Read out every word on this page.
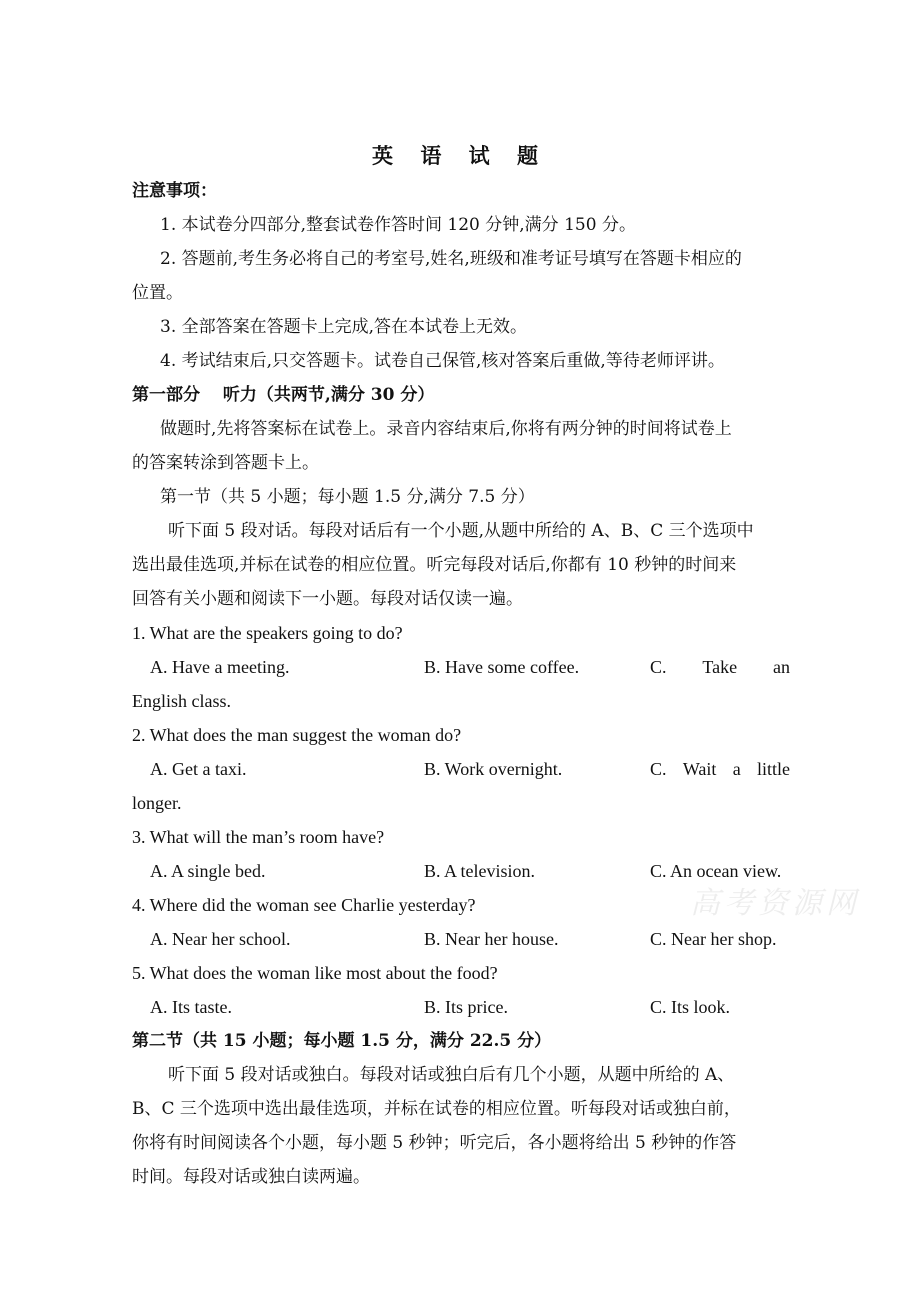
英 语 试 题
注意事项：
1. 本试卷分四部分,整套试卷作答时间 120 分钟,满分 150 分。
2. 答题前,考生务必将自己的考室号,姓名,班级和准考证号填写在答题卡相应的
位置。
3. 全部答案在答题卡上完成,答在本试卷上无效。
4. 考试结束后,只交答题卡。试卷自己保管,核对答案后重做,等待老师评讲。
第一部分　 听力（共两节,满分 30 分）
做题时,先将答案标在试卷上。录音内容结束后,你将有两分钟的时间将试卷上
的答案转涂到答题卡上。
第一节（共 5 小题；每小题 1.5 分,满分 7.5 分）
听下面 5 段对话。每段对话后有一个小题,从题中所给的 A、B、C 三个选项中
选出最佳选项,并标在试卷的相应位置。听完每段对话后,你都有 10 秒钟的时间来
回答有关小题和阅读下一小题。每段对话仅读一遍。
1. What are the speakers going to do?
A. Have a meeting.	B. Have some coffee.	C. Take an
English class.
2. What does the man suggest the woman do?
A. Get a taxi.	B. Work overnight.	C. Wait a little
longer.
3. What will the man’s room have?
A. A single bed.	B. A television.	C. An ocean view.
4. Where did the woman see Charlie yesterday?
A. Near her school.	B. Near her house.	C. Near her shop.
5. What does the woman like most about the food?
A. Its taste.	B. Its price.	C. Its look.
第二节（共 15 小题；每小题 1.5 分，满分 22.5 分）
听下面 5 段对话或独白。每段对话或独白后有几个小题，从题中所给的 A、
B、C 三个选项中选出最佳选项，并标在试卷的相应位置。听每段对话或独白前，
你将有时间阅读各个小题，每小题 5 秒钟；听完后，各小题将给出 5 秒钟的作答
时间。每段对话或独白读两遍。
高考资源网
